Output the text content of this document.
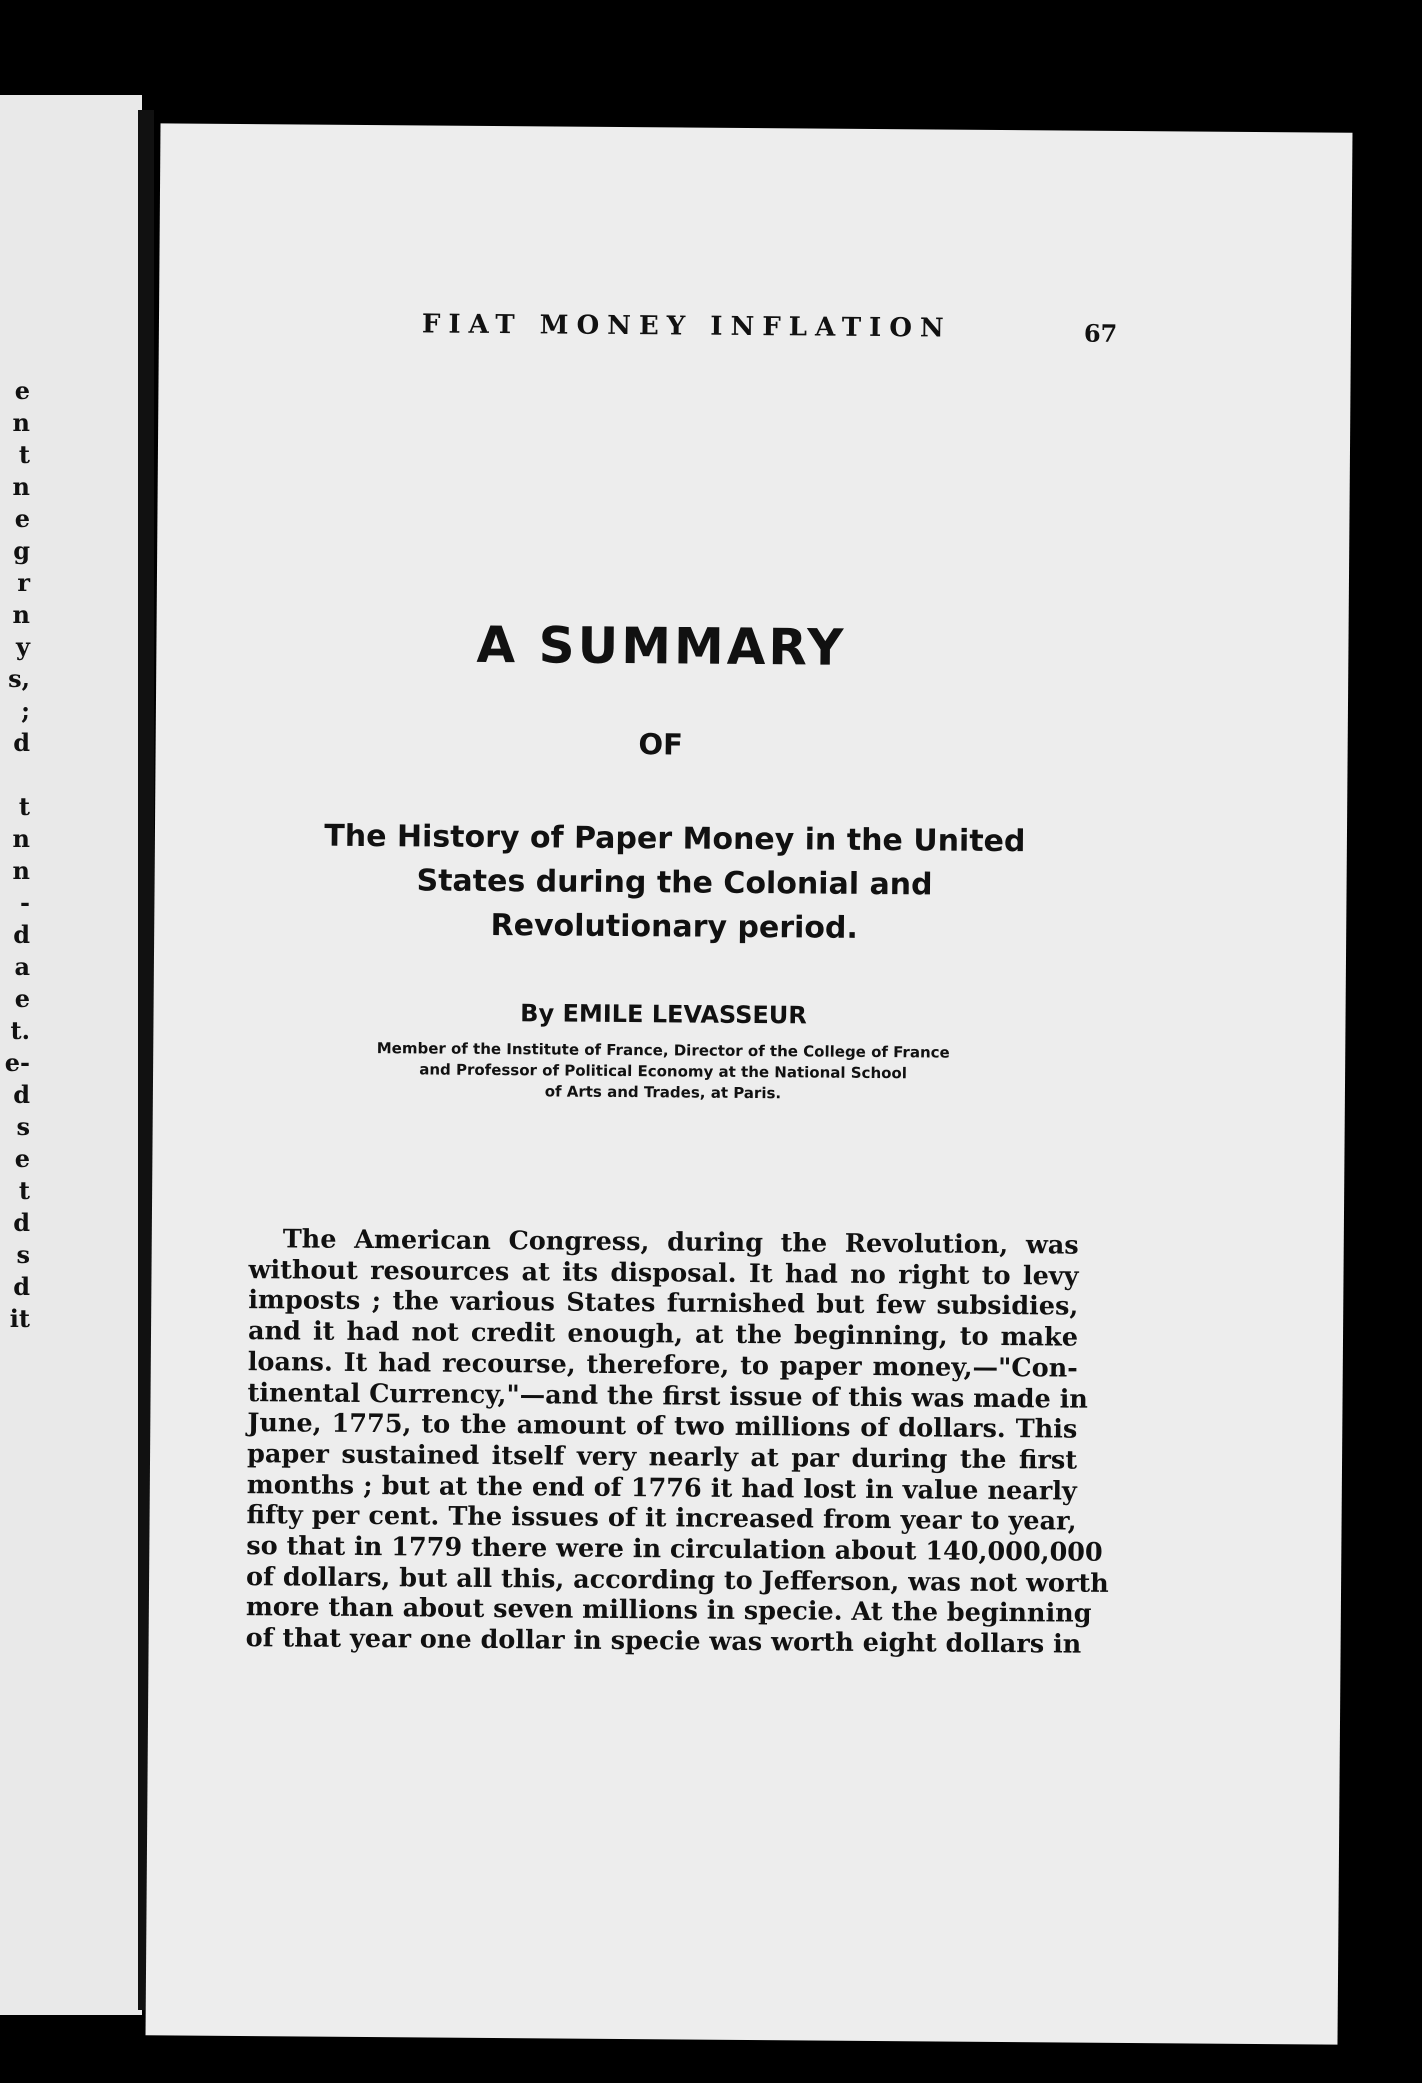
e
n
t
n
e
g
r
n
y
s,
;
d
t
n
n
-
d
a
e
t.
e-
d
s
e
t
d
s
d
it
FIAT MONEY INFLATION	67
A SUMMARY
OF
The History of Paper Money in the United
States during the Colonial and
Revolutionary period.
By EMILE LEVASSEUR
Member of the Institute of France, Director of the College of France
and Professor of Political Economy at the National School
of Arts and Trades, at Paris.
The American Congress, during the Revolution, was
without resources at its disposal. It had no right to levy
imposts ; the various States furnished but few subsidies,
and it had not credit enough, at the beginning, to make
loans. It had recourse, therefore, to paper money,—"Con-
tinental Currency,"—and the first issue of this was made in
June, 1775, to the amount of two millions of dollars. This
paper sustained itself very nearly at par during the first
months ; but at the end of 1776 it had lost in value nearly
fifty per cent. The issues of it increased from year to year,
so that in 1779 there were in circulation about 140,000,000
of dollars, but all this, according to Jefferson, was not worth
more than about seven millions in specie. At the beginning
of that year one dollar in specie was worth eight dollars in
